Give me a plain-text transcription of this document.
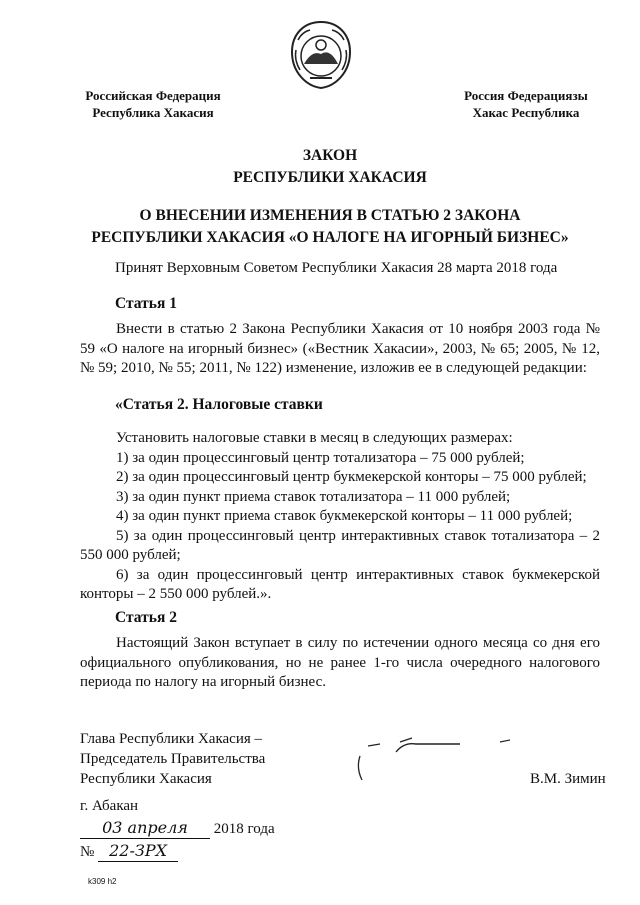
Российская Федерация
Республика Хакасия
Россия Федерациязы
Хакас Республика
ЗАКОН
РЕСПУБЛИКИ ХАКАСИЯ
О ВНЕСЕНИИ ИЗМЕНЕНИЯ В СТАТЬЮ 2 ЗАКОНА
РЕСПУБЛИКИ ХАКАСИЯ «О НАЛОГЕ НА ИГОРНЫЙ БИЗНЕС»
Принят Верховным Советом Республики Хакасия 28 марта 2018 года
Статья 1
Внести в статью 2 Закона Республики Хакасия от 10 ноября 2003 года № 59 «О налоге на игорный бизнес» («Вестник Хакасии», 2003, № 65; 2005, № 12, № 59; 2010, № 55; 2011, № 122) изменение, изложив ее в следующей редакции:
«Статья 2. Налоговые ставки
Установить налоговые ставки в месяц в следующих размерах:
1) за один процессинговый центр тотализатора – 75 000 рублей;
2) за один процессинговый центр букмекерской конторы – 75 000 рублей;
3) за один пункт приема ставок тотализатора – 11 000 рублей;
4) за один пункт приема ставок букмекерской конторы – 11 000 рублей;
5) за один процессинговый центр интерактивных ставок тотализатора – 2 550 000 рублей;
6) за один процессинговый центр интерактивных ставок букмекерской конторы – 2 550 000 рублей.».
Статья 2
Настоящий Закон вступает в силу по истечении одного месяца со дня его официального опубликования, но не ранее 1-го числа очередного налогового периода по налогу на игорный бизнес.
Глава Республики Хакасия –
Председатель Правительства
Республики Хакасия	В.М. Зимин
г. Абакан
03 апреля 2018 года
№ 22-ЗРХ
k309 h2
